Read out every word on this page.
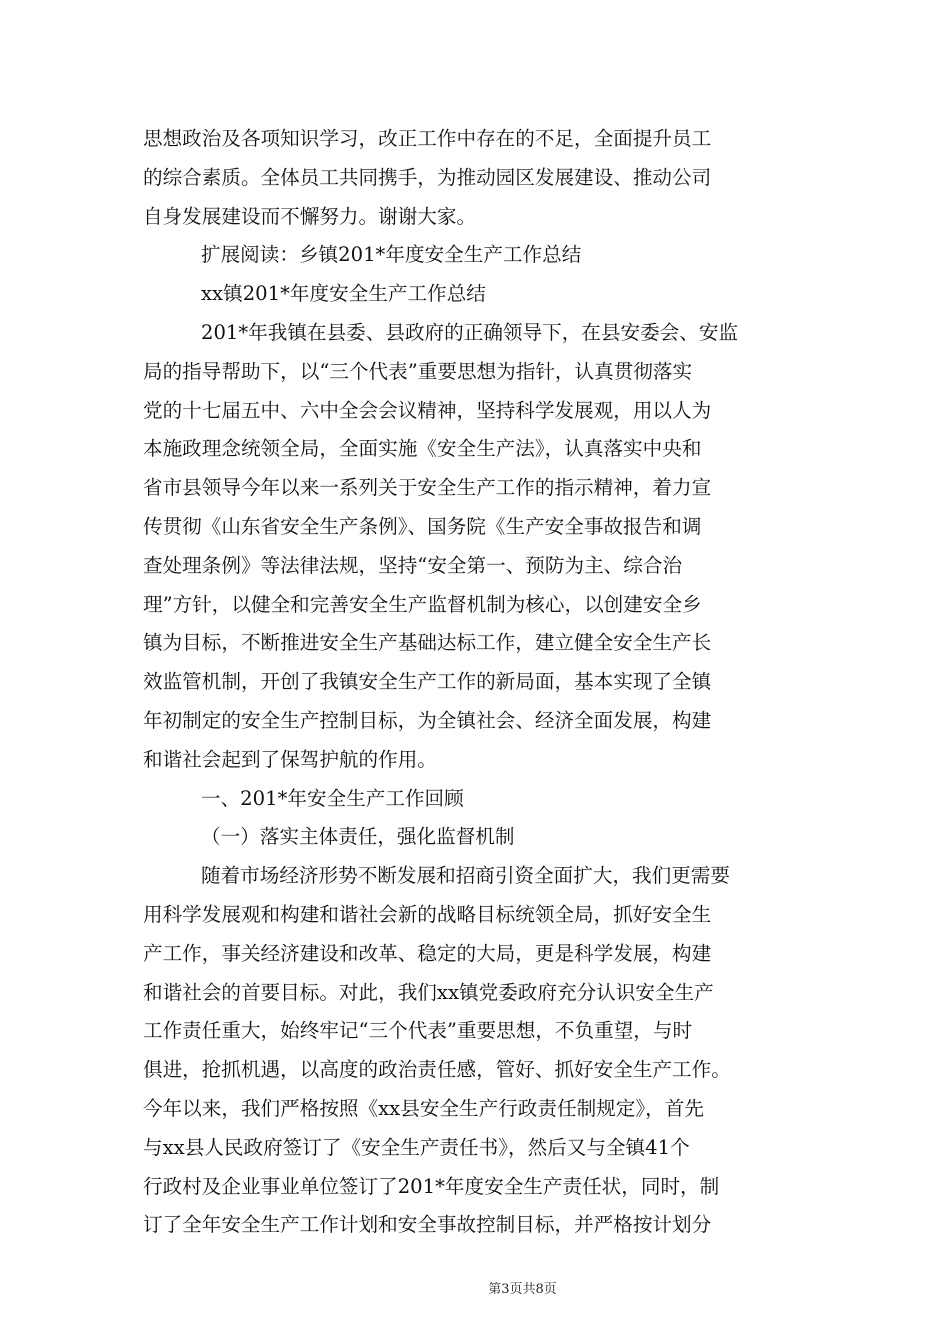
思想政治及各项知识学习，改正工作中存在的不足，全面提升员工
的综合素质。全体员工共同携手，为推动园区发展建设、推动公司
自身发展建设而不懈努力。谢谢大家。
扩展阅读：乡镇201*年度安全生产工作总结
xx镇201*年度安全生产工作总结
201*年我镇在县委、县政府的正确领导下，在县安委会、安监
局的指导帮助下，以“三个代表”重要思想为指针，认真贯彻落实
党的十七届五中、六中全会会议精神，坚持科学发展观，用以人为
本施政理念统领全局，全面实施《安全生产法》，认真落实中央和
省市县领导今年以来一系列关于安全生产工作的指示精神，着力宣
传贯彻《山东省安全生产条例》、国务院《生产安全事故报告和调
查处理条例》等法律法规，坚持“安全第一、预防为主、综合治
理”方针，以健全和完善安全生产监督机制为核心，以创建安全乡
镇为目标，不断推进安全生产基础达标工作，建立健全安全生产长
效监管机制，开创了我镇安全生产工作的新局面，基本实现了全镇
年初制定的安全生产控制目标，为全镇社会、经济全面发展，构建
和谐社会起到了保驾护航的作用。
一、201*年安全生产工作回顾
（一）落实主体责任，强化监督机制
随着市场经济形势不断发展和招商引资全面扩大，我们更需要
用科学发展观和构建和谐社会新的战略目标统领全局，抓好安全生
产工作，事关经济建设和改革、稳定的大局，更是科学发展，构建
和谐社会的首要目标。对此，我们xx镇党委政府充分认识安全生产
工作责任重大，始终牢记“三个代表”重要思想，不负重望，与时
俱进，抢抓机遇，以高度的政治责任感，管好、抓好安全生产工作。
今年以来，我们严格按照《xx县安全生产行政责任制规定》，首先
与xx县人民政府签订了《安全生产责任书》，然后又与全镇41个
行政村及企业事业单位签订了201*年度安全生产责任状，同时，制
订了全年安全生产工作计划和安全事故控制目标，并严格按计划分
第3页共8页
